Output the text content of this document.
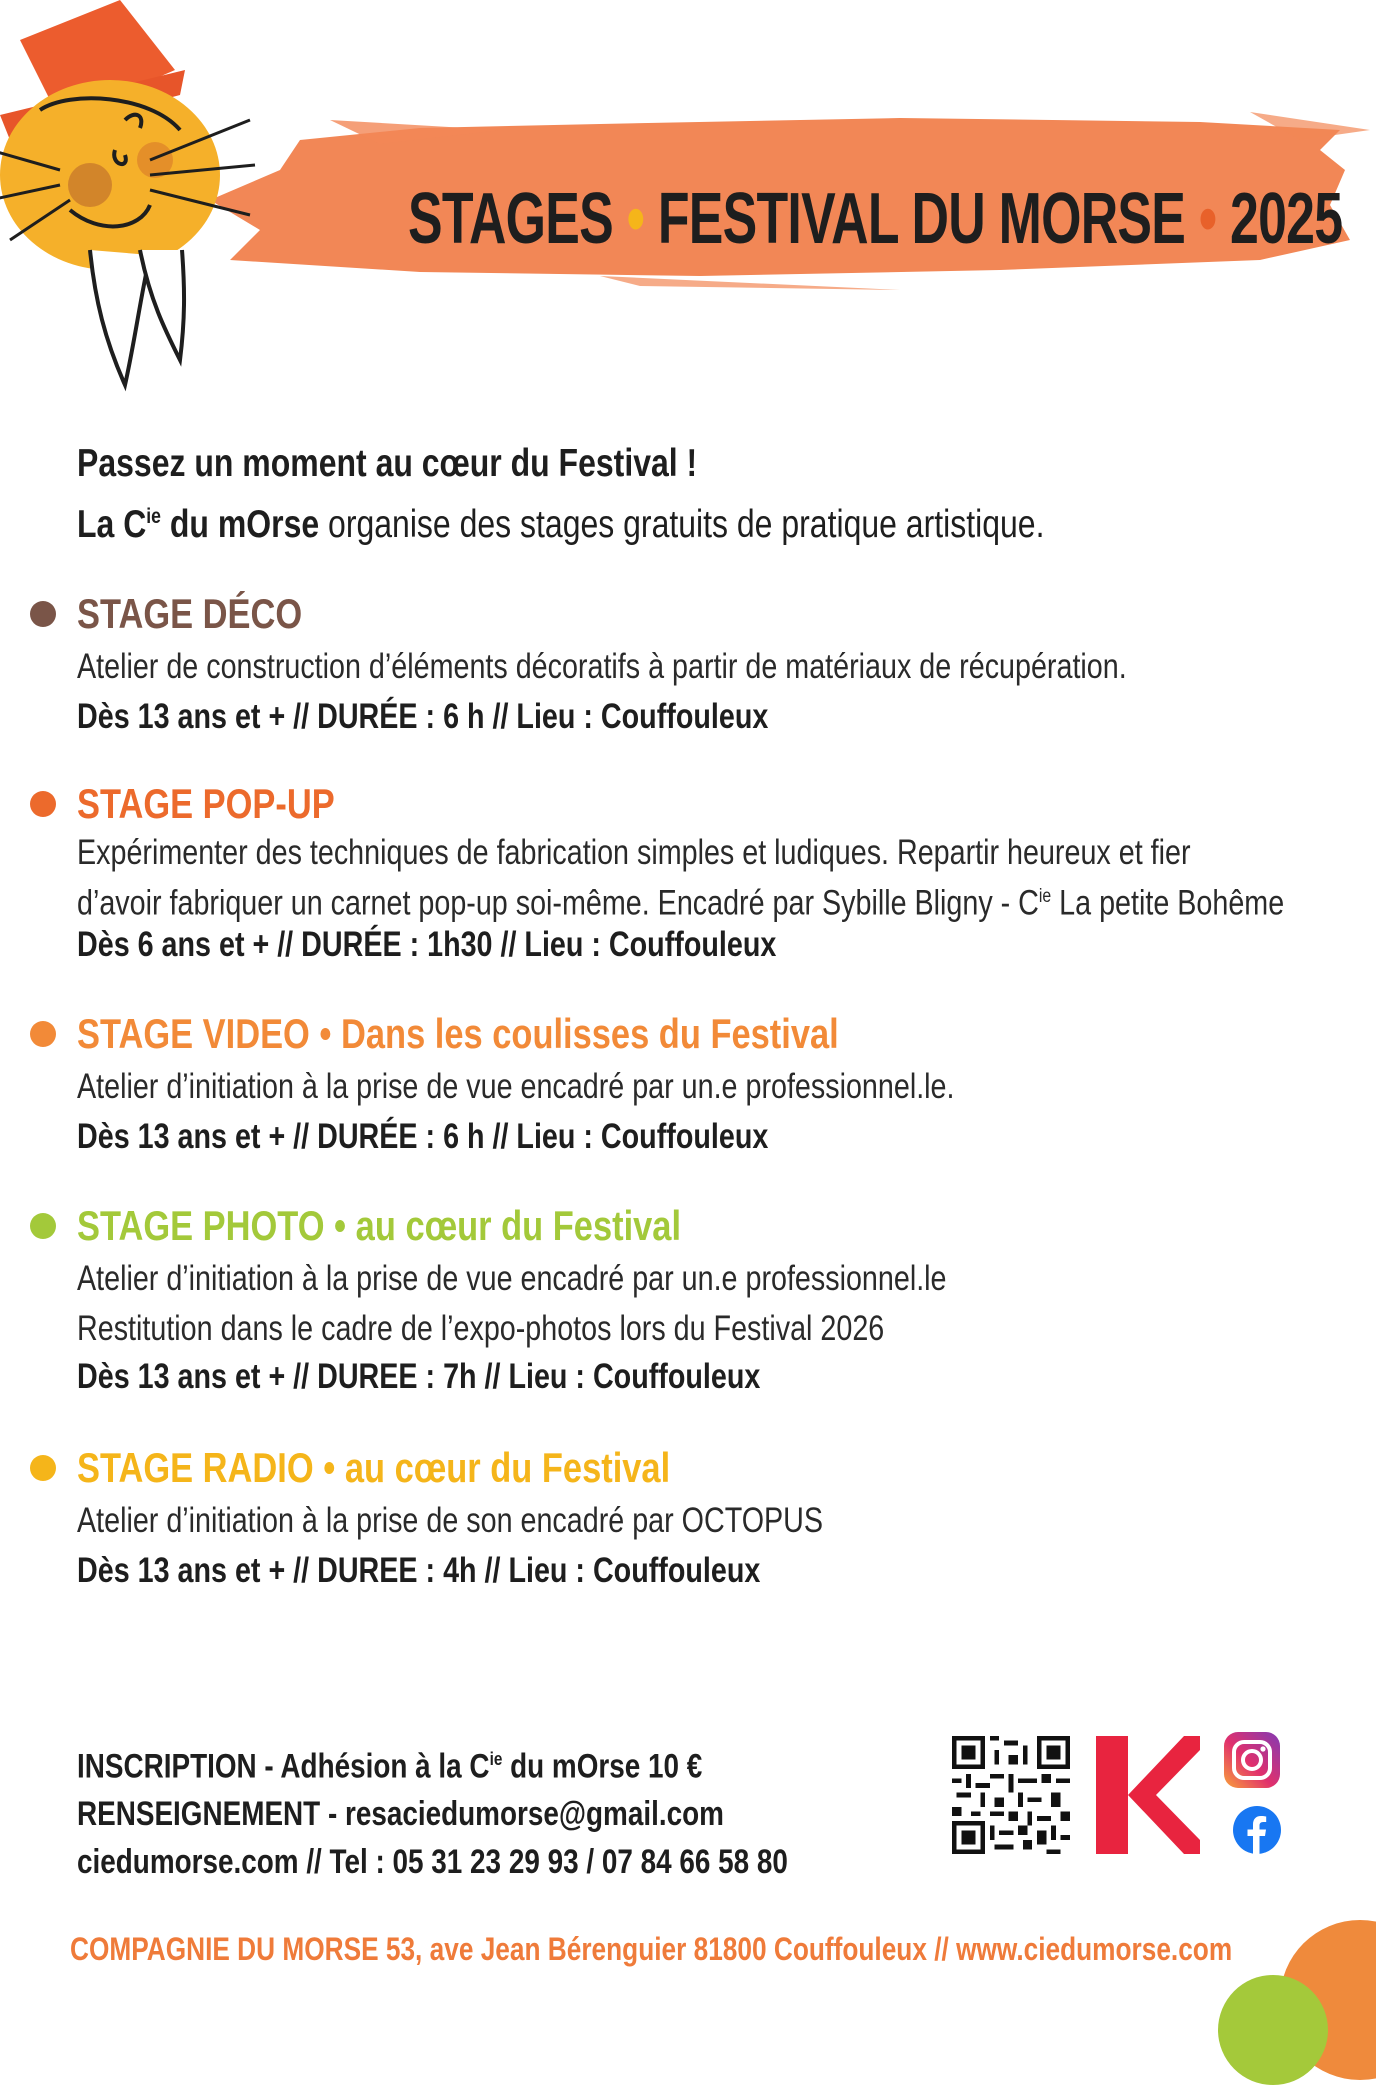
STAGES • FESTIVAL DU MORSE • 2025
Passez un moment au cœur du Festival !
La $C^{ie}$ du mOrse organise des stages gratuits de pratique artistique.
STAGE DÉCO
Atelier de construction d’éléments décoratifs à partir de matériaux de récupération.
Dès 13 ans et + // DURÉE : 6 h // Lieu : Couffouleux
STAGE POP-UP
Expérimenter des techniques de fabrication simples et ludiques. Repartir heureux et fier
d’avoir fabriquer un carnet pop-up soi-même. Encadré par Sybille Bligny - $C^{ie}$ La petite Bohême
Dès 6 ans et + // DURÉE : 1h30 // Lieu : Couffouleux
STAGE VIDEO • Dans les coulisses du Festival
Atelier d’initiation à la prise de vue encadré par un.e professionnel.le.
Dès 13 ans et + // DURÉE : 6 h // Lieu : Couffouleux
STAGE PHOTO • au cœur du Festival
Atelier d’initiation à la prise de vue encadré par un.e professionnel.le
Restitution dans le cadre de l’expo-photos lors du Festival 2026
Dès 13 ans et + // DUREE : 7h // Lieu : Couffouleux
STAGE RADIO • au cœur du Festival
Atelier d’initiation à la prise de son encadré par OCTOPUS
Dès 13 ans et + // DUREE : 4h // Lieu : Couffouleux
INSCRIPTION - Adhésion à la $C^{ie}$ du mOrse 10 €
RENSEIGNEMENT - resaciedumorse@gmail.com
ciedumorse.com // Tel : 05 31 23 29 93 / 07 84 66 58 80
COMPAGNIE DU MORSE 53, ave Jean Bérenguier 81800 Couffouleux // www.ciedumorse.com
